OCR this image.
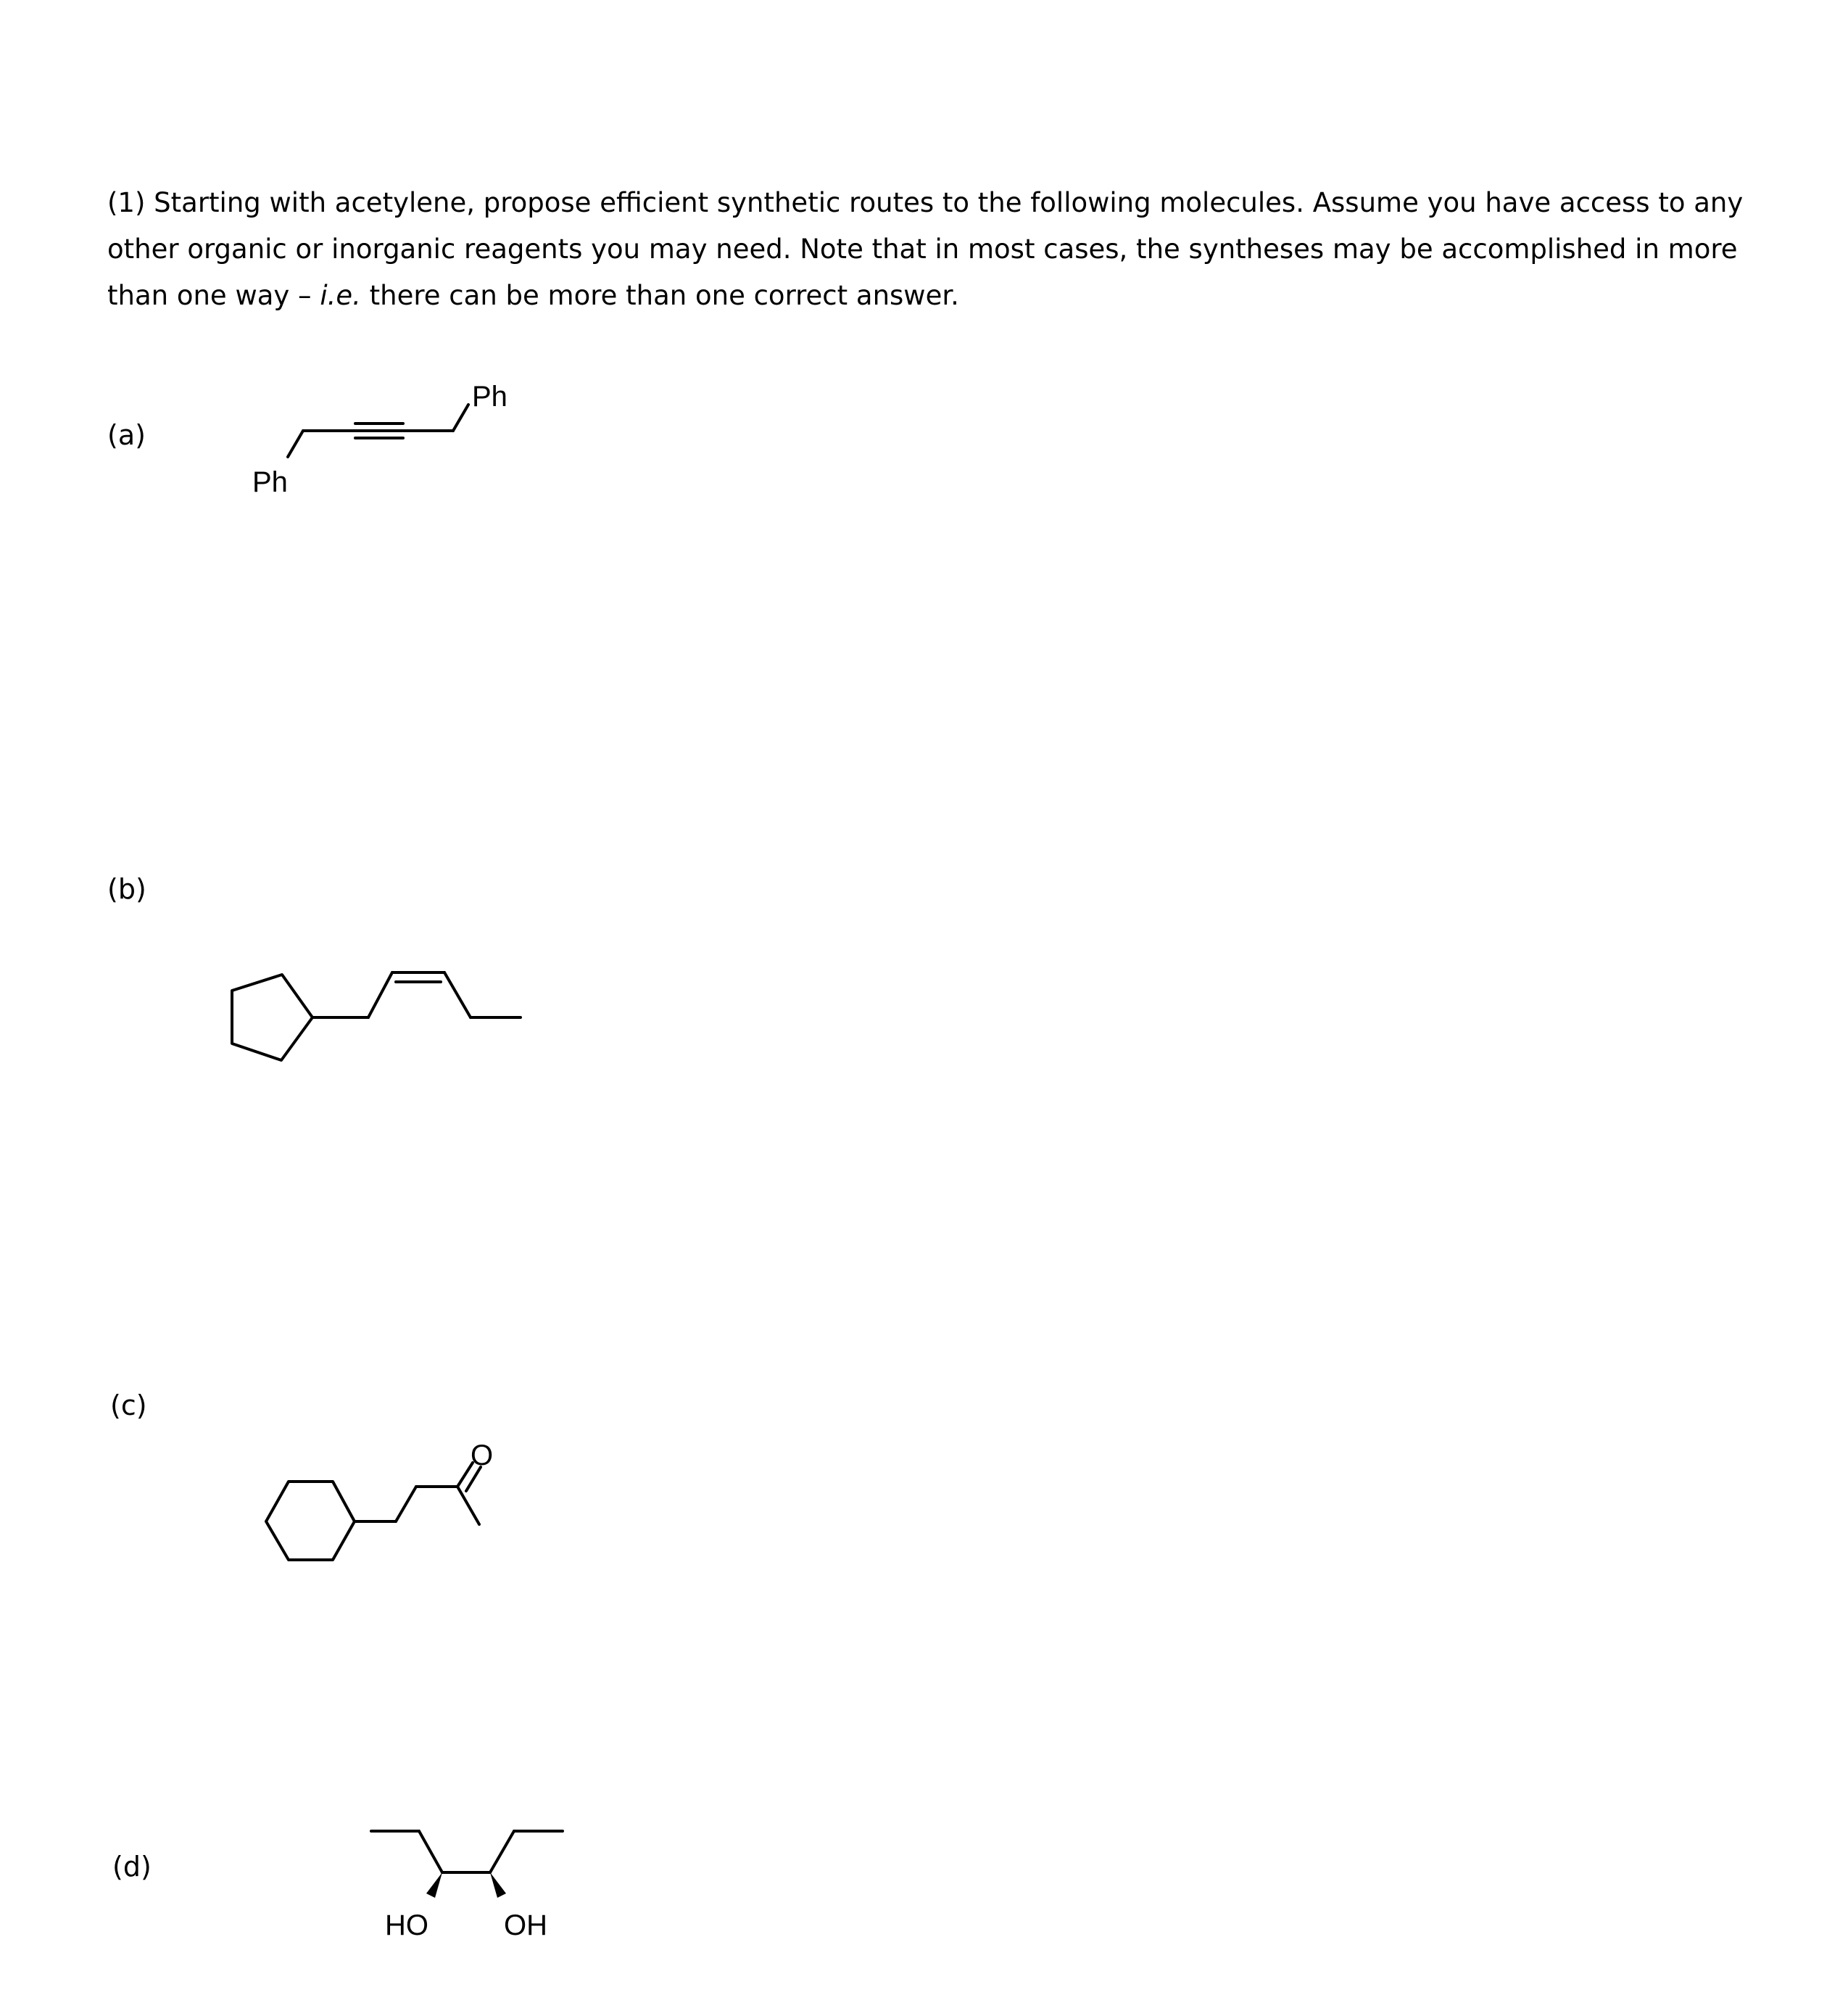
(1) Starting with acetylene, propose efficient synthetic routes to the following molecules. Assume you have access to any other organic or inorganic reagents you may need. Note that in most cases, the syntheses may be accomplished in more than one way – i.e. there can be more than one correct answer.

(a)
(b)
(c)
(d)
Ph
Ph
O
HO	OH
